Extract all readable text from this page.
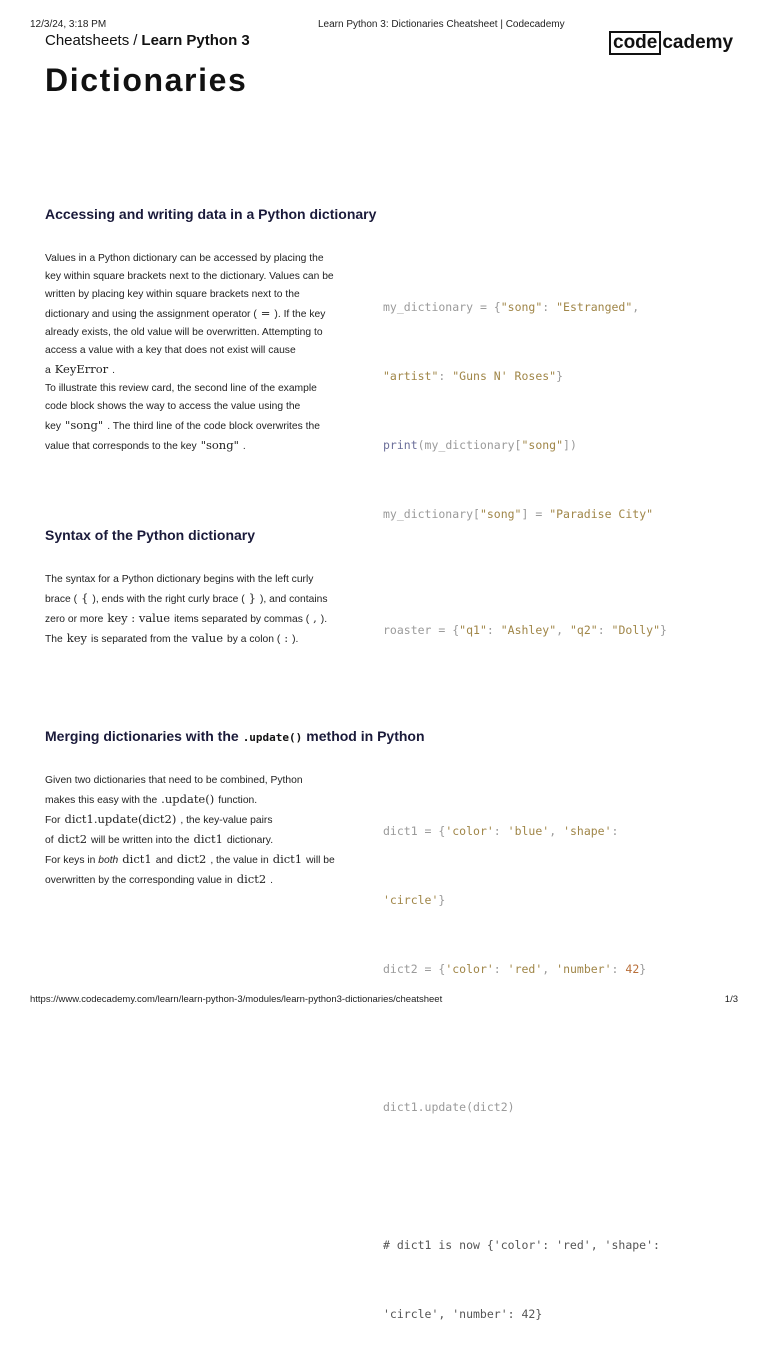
12/3/24, 3:18 PM	Learn Python 3: Dictionaries Cheatsheet | Codecademy
Cheatsheets / Learn Python 3	code cademy
Dictionaries
Accessing and writing data in a Python dictionary

Values in a Python dictionary can be accessed by placing the key within square brackets next to the dictionary. Values can be written by placing key within square brackets next to the dictionary and using the assignment operator ( = ). If the key already exists, the old value will be overwritten. Attempting to access a value with a key that does not exist will cause a KeyError .

To illustrate this review card, the second line of the example code block shows the way to access the value using the key "song" . The third line of the code block overwrites the value that corresponds to the key "song" .

my_dictionary = {"song": "Estranged",

"artist": "Guns N' Roses"}

print(my_dictionary["song"])

my_dictionary["song"] = "Paradise City"

Syntax of the Python dictionary

The syntax for a Python dictionary begins with the left curly brace ( { ), ends with the right curly brace ( } ), and contains zero or more key : value items separated by commas ( , ). The key is separated from the value by a colon ( : ).

roaster = {"q1": "Ashley", "q2": "Dolly"}

Merging dictionaries with the .update() method in Python

Given two dictionaries that need to be combined, Python makes this easy with the .update() function.

For dict1.update(dict2) , the key-value pairs of dict2 will be written into the dict1 dictionary.

For keys in both dict1 and dict2 , the value in dict1 will be overwritten by the corresponding value in dict2 .

dict1 = {'color': 'blue', 'shape':

'circle'}

dict2 = {'color': 'red', 'number': 42}

dict1.update(dict2)

# dict1 is now {'color': 'red', 'shape':

'circle', 'number': 42}

https://www.codecademy.com/learn/learn-python-3/modules/learn-python3-dictionaries/cheatsheet	1/3
